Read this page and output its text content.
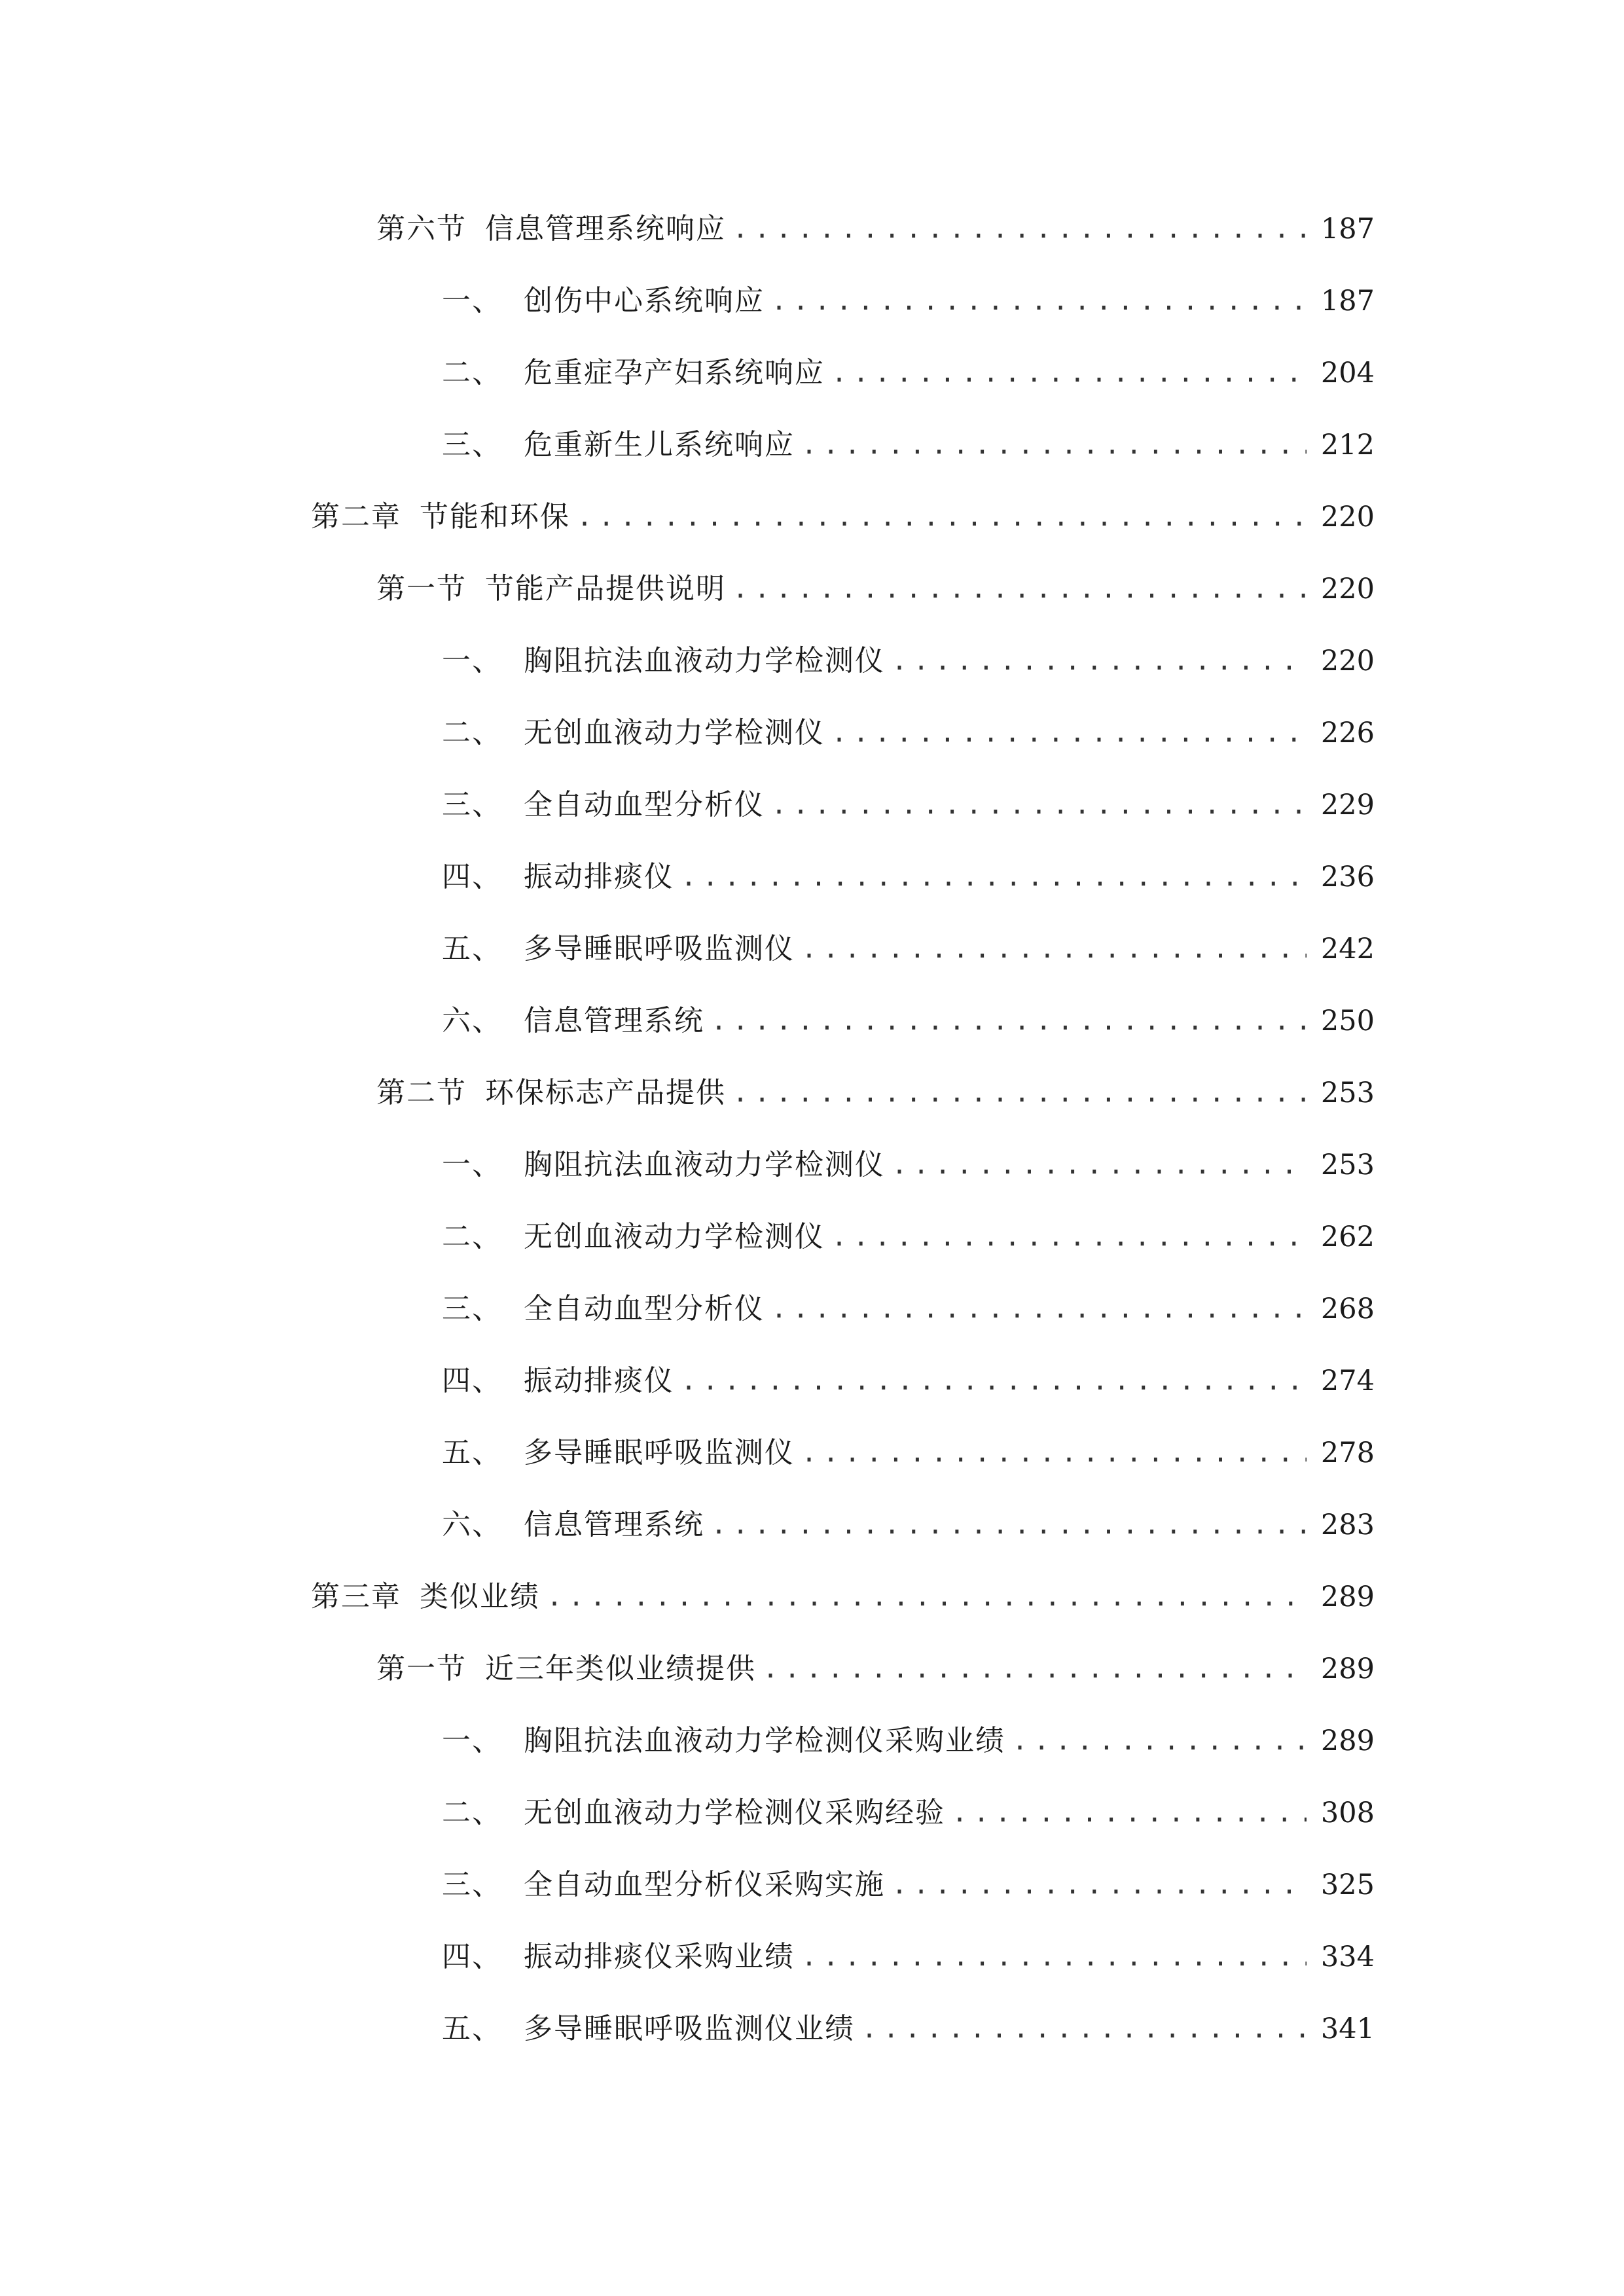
第六节 信息管理系统响应 .....	187
一、 创伤中心系统响应 .....	187
二、 危重症孕产妇系统响应 .....	204
三、 危重新生儿系统响应 .....	212
第二章 节能和环保 .....	220
第一节 节能产品提供说明 .....	220
一、 胸阻抗法血液动力学检测仪 .....	220
二、 无创血液动力学检测仪 .....	226
三、 全自动血型分析仪 .....	229
四、 振动排痰仪 .....	236
五、 多导睡眠呼吸监测仪 .....	242
六、 信息管理系统 .....	250
第二节 环保标志产品提供 .....	253
一、 胸阻抗法血液动力学检测仪 .....	253
二、 无创血液动力学检测仪 .....	262
三、 全自动血型分析仪 .....	268
四、 振动排痰仪 .....	274
五、 多导睡眠呼吸监测仪 .....	278
六、 信息管理系统 .....	283
第三章 类似业绩 .....	289
第一节 近三年类似业绩提供 .....	289
一、 胸阻抗法血液动力学检测仪采购业绩 .....	289
二、 无创血液动力学检测仪采购经验 .....	308
三、 全自动血型分析仪采购实施 .....	325
四、 振动排痰仪采购业绩 .....	334
五、 多导睡眠呼吸监测仪业绩 .....	341
